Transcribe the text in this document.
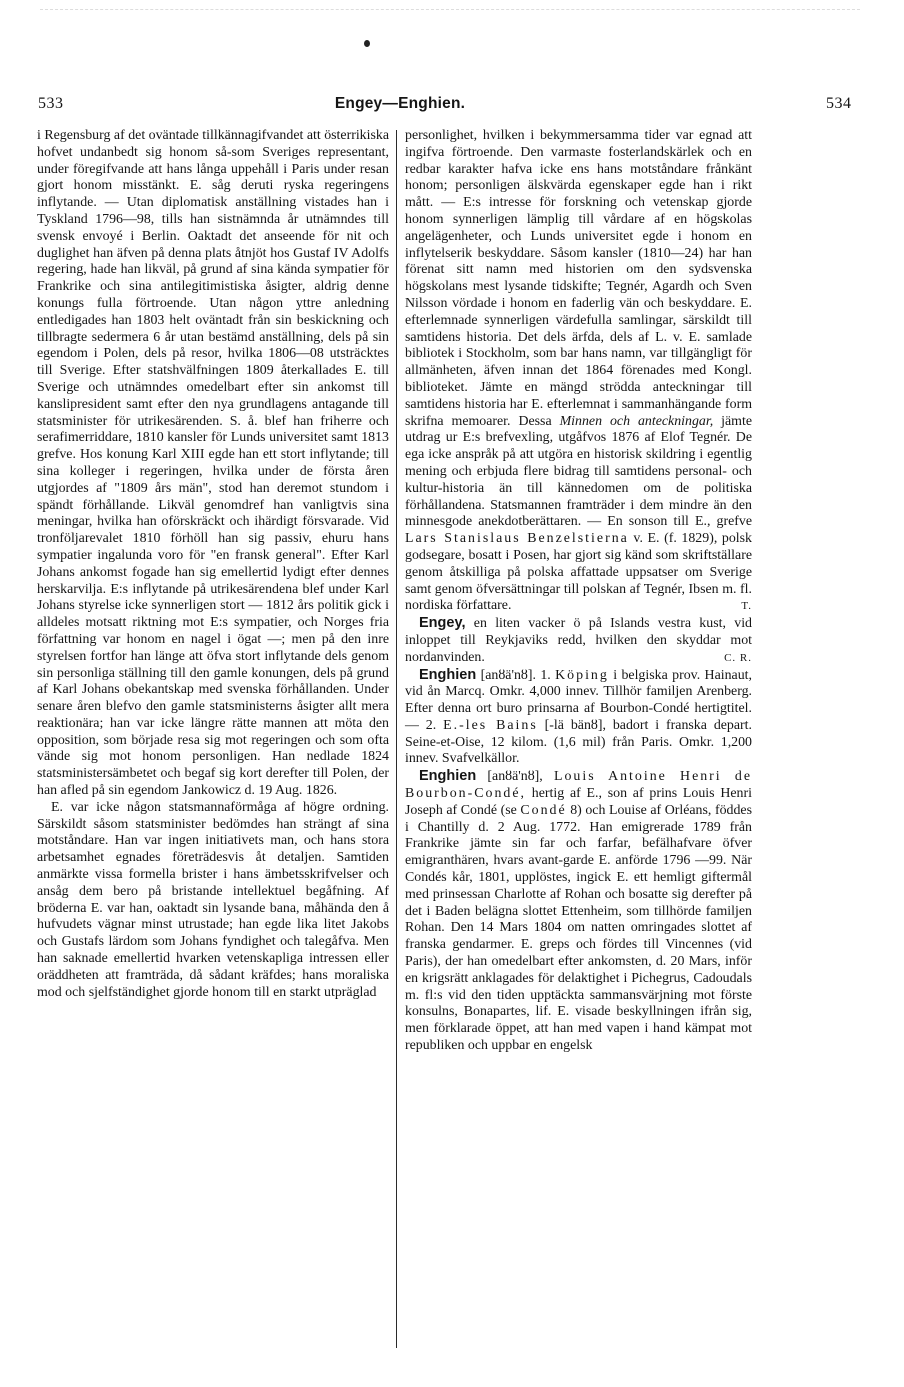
533	Engey—Enghien.	534

i Regensburg af det oväntade tillkännagifvandet att österrikiska hofvet undanbedt sig honom så-som Sveriges representant, under föregifvande att hans långa uppehåll i Paris under resan gjort honom misstänkt. E. såg deruti ryska regeringens inflytande. — Utan diplomatisk anställning vistades han i Tyskland 1796—98, tills han sistnämnda år utnämndes till svensk envoyé i Berlin. Oaktadt det anseende för nit och duglighet han äfven på denna plats åtnjöt hos Gustaf IV Adolfs regering, hade han likväl, på grund af sina kända sympatier för Frankrike och sina antilegitimistiska åsigter, aldrig denne konungs fulla förtroende. Utan någon yttre anledning entledigades han 1803 helt oväntadt från sin beskickning och tillbragte sedermera 6 år utan bestämd anställning, dels på sin egendom i Polen, dels på resor, hvilka 1806—08 utsträcktes till Sverige. Efter statshvälfningen 1809 återkallades E. till Sverige och utnämndes omedelbart efter sin ankomst till kanslipresident samt efter den nya grundlagens antagande till statsminister för utrikesärenden. S. å. blef han friherre och serafimerriddare, 1810 kansler för Lunds universitet samt 1813 grefve. Hos konung Karl XIII egde han ett stort inflytande; till sina kolleger i regeringen, hvilka under de första åren utgjordes af "1809 års män", stod han deremot stundom i spändt förhållande. Likväl genomdref han vanligtvis sina meningar, hvilka han oförskräckt och ihärdigt försvarade. Vid tronföljarevalet 1810 förhöll han sig passiv, ehuru hans sympatier ingalunda voro för "en fransk general". Efter Karl Johans ankomst fogade han sig emellertid lydigt efter dennes herskarvilja. E:s inflytande på utrikesärendena blef under Karl Johans styrelse icke synnerligen stort — 1812 års politik gick i alldeles motsatt riktning mot E:s sympatier, och Norges fria författning var honom en nagel i ögat —; men på den inre styrelsen fortfor han länge att öfva stort inflytande dels genom sin personliga ställning till den gamle konungen, dels på grund af Karl Johans obekantskap med svenska förhållanden. Under senare åren blefvo den gamle statsministerns åsigter allt mera reaktionära; han var icke längre rätte mannen att möta den opposition, som började resa sig mot regeringen och som ofta vände sig mot honom personligen. Han nedlade 1824 statsministersämbetet och begaf sig kort derefter till Polen, der han afled på sin egendom Jankowicz d. 19 Aug. 1826.

E. var icke någon statsmannaförmåga af högre ordning. Särskildt såsom statsminister bedömdes han strängt af sina motståndare. Han var ingen initiativets man, och hans stora arbetsamhet egnades företrädesvis åt detaljen. Samtiden anmärkte vissa formella brister i hans ämbetsskrifvelser och ansåg dem bero på bristande intellektuel begåfning. Af bröderna E. var han, oaktadt sin lysande bana, måhända den å hufvudets vägnar minst utrustade; han egde lika litet Jakobs och Gustafs lärdom som Johans fyndighet och talegåfva. Men han saknade emellertid hvarken vetenskapliga intressen eller oräddheten att framträda, då sådant kräfdes; hans moraliska mod och sjelfständighet gjorde honom till en starkt utpräglad

personlighet, hvilken i bekymmersamma tider var egnad att ingifva förtroende. Den varmaste fosterlandskärlek och en redbar karakter hafva icke ens hans motståndare frånkänt honom; personligen älskvärda egenskaper egde han i rikt mått. — E:s intresse för forskning och vetenskap gjorde honom synnerligen lämplig till vårdare af en högskolas angelägenheter, och Lunds universitet egde i honom en inflytelserik beskyddare. Såsom kansler (1810—24) har han förenat sitt namn med historien om den sydsvenska högskolans mest lysande tidskifte; Tegnér, Agardh och Sven Nilsson vördade i honom en faderlig vän och beskyddare. E. efterlemnade synnerligen värdefulla samlingar, särskildt till samtidens historia. Det dels ärfda, dels af L. v. E. samlade bibliotek i Stockholm, som bar hans namn, var tillgängligt för allmänheten, äfven innan det 1864 förenades med Kongl. biblioteket. Jämte en mängd strödda anteckningar till samtidens historia har E. efterlemnat i sammanhängande form skrifna memoarer. Dessa Minnen och anteckningar, jämte utdrag ur E:s brefvexling, utgåfvos 1876 af Elof Tegnér. De ega icke anspråk på att utgöra en historisk skildring i egentlig mening och erbjuda flere bidrag till samtidens personal- och kultur-historia än till kännedomen om de politiska förhållandena. Statsmannen framträder i dem mindre än den minnesgode anekdotberättaren. — En sonson till E., grefve Lars Stanislaus Benzelstierna v. E. (f. 1829), polsk godsegare, bosatt i Posen, har gjort sig känd som skriftställare genom åtskilliga på polska affattade uppsatser om Sverige samt genom öfversättningar till polskan af Tegnér, Ibsen m. fl. nordiska författare.	T.

Engey, en liten vacker ö på Islands vestra kust, vid inloppet till Reykjaviks redd, hvilken den skyddar mot nordanvinden.	C. R.

Enghien [anȣä'nȣ]. 1. Köping i belgiska prov. Hainaut, vid ån Marcq. Omkr. 4,000 innev. Tillhör familjen Arenberg. Efter denna ort buro prinsarna af Bourbon-Condé hertigtitel. — 2. E.-les Bains [-lä bänȣ], badort i franska depart. Seine-et-Oise, 12 kilom. (1,6 mil) från Paris. Omkr. 1,200 innev. Svafvelkällor.

Enghien [anȣä'nȣ], Louis Antoine Henri de Bourbon-Condé, hertig af E., son af prins Louis Henri Joseph af Condé (se Condé 8) och Louise af Orléans, föddes i Chantilly d. 2 Aug. 1772. Han emigrerade 1789 från Frankrike jämte sin far och farfar, befälhafvare öfver emigranthären, hvars avant-garde E. anförde 1796 —99. När Condés kår, 1801, upplöstes, ingick E. ett hemligt giftermål med prinsessan Charlotte af Rohan och bosatte sig derefter på det i Baden belägna slottet Ettenheim, som tillhörde familjen Rohan. Den 14 Mars 1804 om natten omringades slottet af franska gendarmer. E. greps och fördes till Vincennes (vid Paris), der han omedelbart efter ankomsten, d. 20 Mars, inför en krigsrätt anklagades för delaktighet i Pichegrus, Cadoudals m. fl:s vid den tiden upptäckta sammansvärjning mot förste konsulns, Bonapartes, lif. E. visade beskyllningen ifrån sig, men förklarade öppet, att han med vapen i hand kämpat mot republiken och uppbar en engelsk
